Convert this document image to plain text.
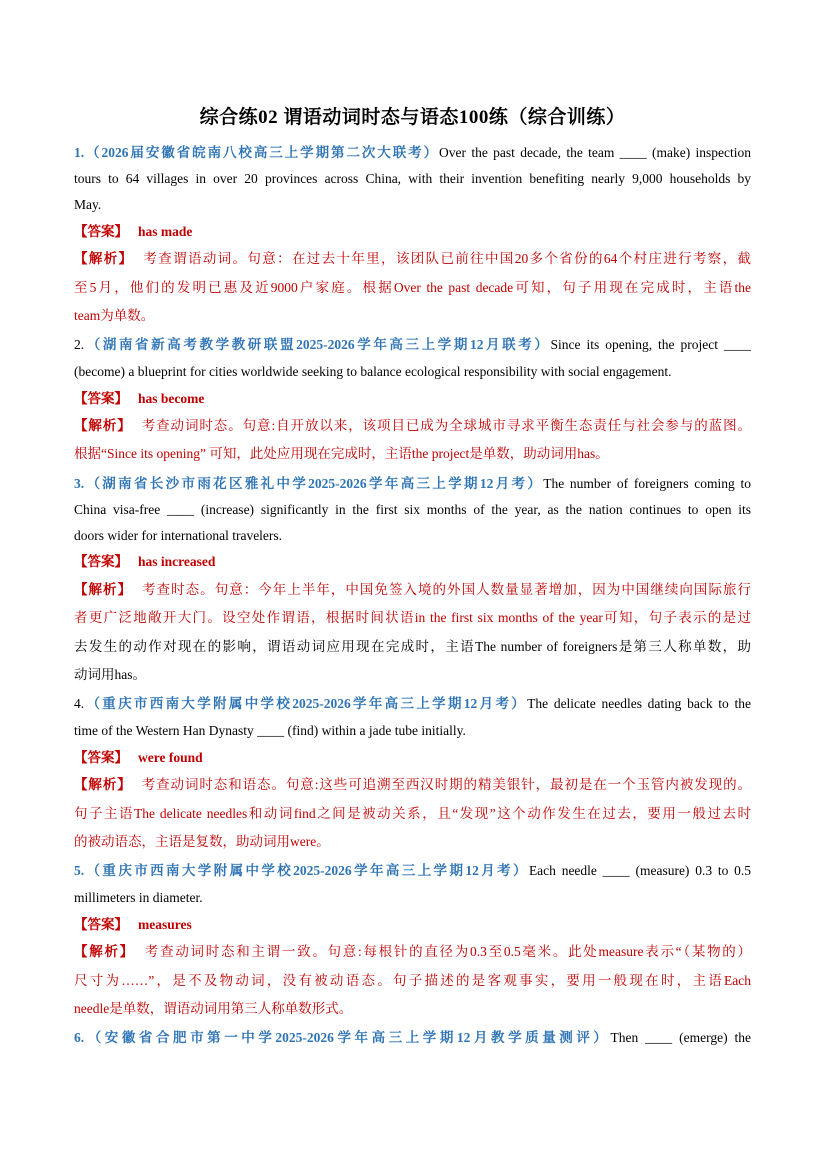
综合练02 谓语动词时态与语态100练（综合训练）
1.（2026届安徽省皖南八校高三上学期第二次大联考）Over the past decade, the team ____ (make) inspection
tours to 64 villages in over 20 provinces across China, with their invention benefiting nearly 9,000 households by
May.
【答案】 has made
【解析】 考查谓语动词。句意：在过去十年里，该团队已前往中国20多个省份的64个村庄进行考察，截
至5月，他们的发明已惠及近9000户家庭。根据Over the past decade可知，句子用现在完成时，主语the
team为单数。
2.（湖南省新高考教学教研联盟2025-2026学年高三上学期12月联考）Since its opening, the project ____
(become) a blueprint for cities worldwide seeking to balance ecological responsibility with social engagement.
【答案】 has become
【解析】 考查动词时态。句意:自开放以来，该项目已成为全球城市寻求平衡生态责任与社会参与的蓝图。
根据“Since its opening” 可知，此处应用现在完成时，主语the project是单数，助动词用has。
3.（湖南省长沙市雨花区雅礼中学2025-2026学年高三上学期12月考）The number of foreigners coming to
China visa-free ____ (increase) significantly in the first six months of the year, as the nation continues to open its
doors wider for international travelers.
【答案】 has increased
【解析】 考查时态。句意：今年上半年，中国免签入境的外国人数量显著增加，因为中国继续向国际旅行
者更广泛地敞开大门。设空处作谓语，根据时间状语in the first six months of the year可知，句子表示的是过
去发生的动作对现在的影响，谓语动词应用现在完成时，主语The number of foreigners是第三人称单数，助
动词用has。
4.（重庆市西南大学附属中学校2025-2026学年高三上学期12月考）The delicate needles dating back to the
time of the Western Han Dynasty ____ (find) within a jade tube initially.
【答案】 were found
【解析】 考查动词时态和语态。句意:这些可追溯至西汉时期的精美银针，最初是在一个玉管内被发现的。
句子主语The delicate needles和动词find之间是被动关系，且“发现”这个动作发生在过去，要用一般过去时
的被动语态，主语是复数，助动词用were。
5.（重庆市西南大学附属中学校2025-2026学年高三上学期12月考）Each needle ____ (measure) 0.3 to 0.5
millimeters in diameter.
【答案】 measures
【解析】 考查动词时态和主谓一致。句意:每根针的直径为0.3至0.5毫米。此处measure表示“（某物的）
尺寸为……”，是不及物动词，没有被动语态。句子描述的是客观事实，要用一般现在时，主语Each
needle是单数，谓语动词用第三人称单数形式。
6.（安徽省合肥市第一中学2025-2026学年高三上学期12月教学质量测评）Then ____ (emerge) the
